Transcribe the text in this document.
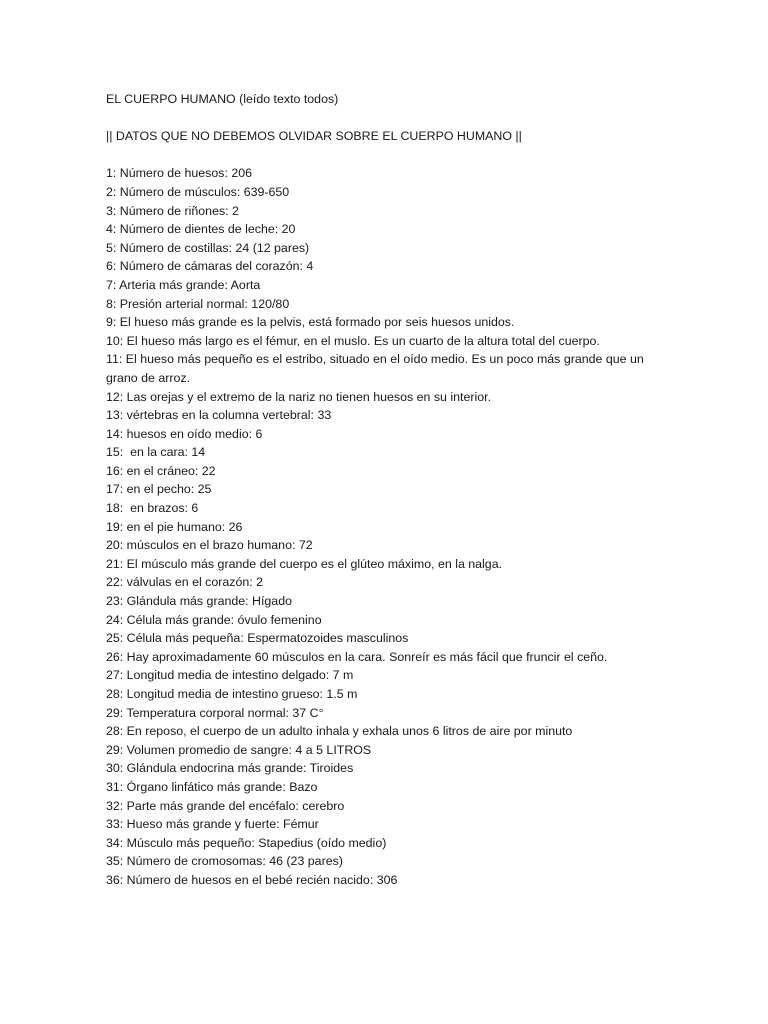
EL CUERPO HUMANO (leído texto todos)

|| DATOS QUE NO DEBEMOS OLVIDAR SOBRE EL CUERPO HUMANO ||

1: Número de huesos: 206
2: Número de músculos: 639-650
3: Número de riñones: 2
4: Número de dientes de leche: 20
5: Número de costillas: 24 (12 pares)
6: Número de cámaras del corazón: 4
7: Arteria más grande: Aorta
8: Presión arterial normal: 120/80
9: El hueso más grande es la pelvis, está formado por seis huesos unidos.
10: El hueso más largo es el fémur, en el muslo. Es un cuarto de la altura total del cuerpo.
11: El hueso más pequeño es el estribo, situado en el oído medio. Es un poco más grande que un grano de arroz.
12: Las orejas y el extremo de la nariz no tienen huesos en su interior.
13: vértebras en la columna vertebral: 33
14: huesos en oído medio: 6
15:  en la cara: 14
16: en el cráneo: 22
17: en el pecho: 25
18:  en brazos: 6
19: en el pie humano: 26
20: músculos en el brazo humano: 72
21: El músculo más grande del cuerpo es el glúteo máximo, en la nalga.
22: válvulas en el corazón: 2
23: Glándula más grande: Hígado
24: Célula más grande: óvulo femenino
25: Célula más pequeña: Espermatozoides masculinos
26: Hay aproximadamente 60 músculos en la cara. Sonreír es más fácil que fruncir el ceño.
27: Longitud media de intestino delgado: 7 m
28: Longitud media de intestino grueso: 1.5 m
29: Temperatura corporal normal: 37 C°
28: En reposo, el cuerpo de un adulto inhala y exhala unos 6 litros de aire por minuto
29: Volumen promedio de sangre: 4 a 5 LITROS
30: Glándula endocrina más grande: Tiroides
31: Órgano linfático más grande: Bazo
32: Parte más grande del encéfalo: cerebro
33: Hueso más grande y fuerte: Fémur
34: Músculo más pequeño: Stapedius (oído medio)
35: Número de cromosomas: 46 (23 pares)
36: Número de huesos en el bebé recién nacido: 306
